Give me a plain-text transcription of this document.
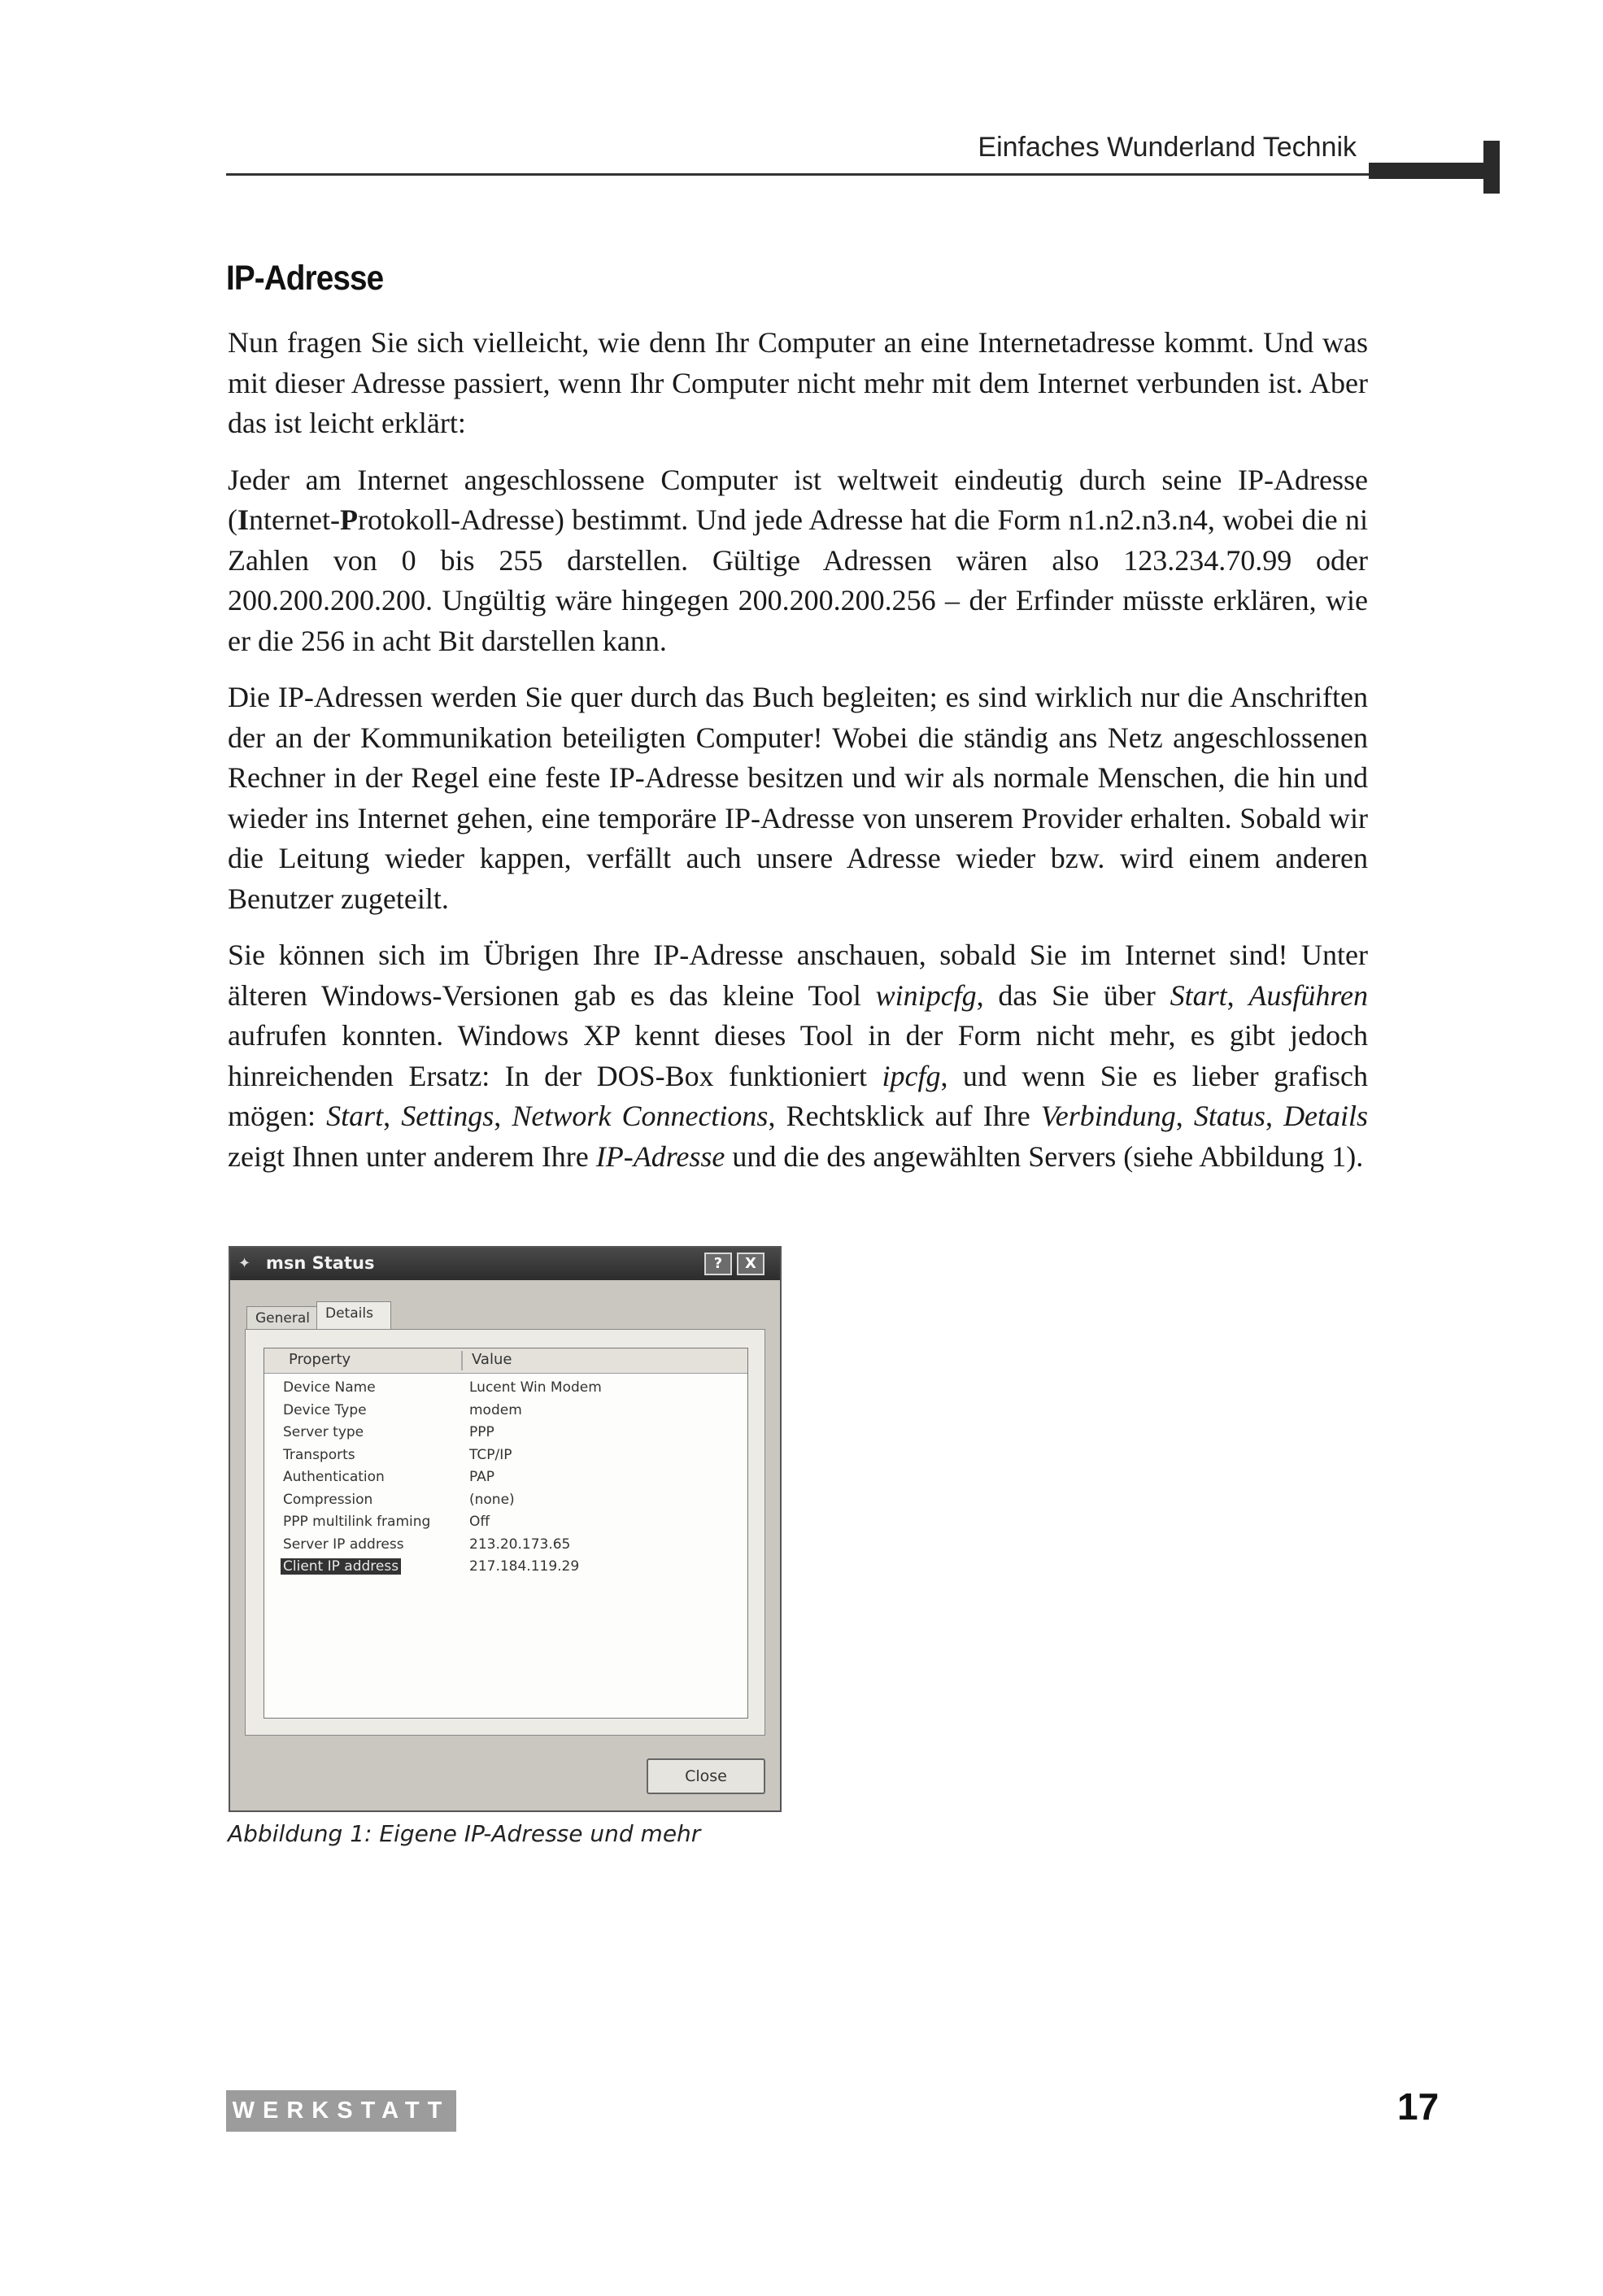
Einfaches Wunderland Technik
IP-Adresse

Nun fragen Sie sich vielleicht, wie denn Ihr Computer an eine Internetadresse kommt. Und was mit dieser Adresse passiert, wenn Ihr Computer nicht mehr mit dem Internet verbunden ist. Aber das ist leicht erklärt:

Jeder am Internet angeschlossene Computer ist weltweit eindeutig durch seine IP-Adresse (Internet-Protokoll-Adresse) bestimmt. Und jede Adresse hat die Form n1.n2.n3.n4, wobei die ni Zahlen von 0 bis 255 darstellen. Gültige Adressen wären also 123.234.70.99 oder 200.200.200.200. Ungültig wäre hingegen 200.200.200.256 – der Erfinder müsste erklären, wie er die 256 in acht Bit darstellen kann.

Die IP-Adressen werden Sie quer durch das Buch begleiten; es sind wirklich nur die Anschriften der an der Kommunikation beteiligten Computer! Wobei die ständig ans Netz angeschlossenen Rechner in der Regel eine feste IP-Adresse besitzen und wir als normale Menschen, die hin und wieder ins Internet gehen, eine temporäre IP-Adresse von unserem Provider erhalten. Sobald wir die Leitung wieder kappen, verfällt auch unsere Adresse wieder bzw. wird einem anderen Benutzer zugeteilt.

Sie können sich im Übrigen Ihre IP-Adresse anschauen, sobald Sie im Internet sind! Unter älteren Windows-Versionen gab es das kleine Tool winipcfg, das Sie über Start, Ausführen aufrufen konnten. Windows XP kennt dieses Tool in der Form nicht mehr, es gibt jedoch hinreichenden Ersatz: In der DOS-Box funktioniert ipcfg, und wenn Sie es lieber grafisch mögen: Start, Settings, Network Connections, Rechtsklick auf Ihre Verbindung, Status, Details zeigt Ihnen unter anderem Ihre IP-Adresse und die des angewählten Servers (siehe Abbildung 1).

✦ msn Status	?	X
General	Details
Property	Value
Device Name	Lucent Win Modem
Device Type	modem
Server type	PPP
Transports	TCP/IP
Authentication	PAP
Compression	(none)
PPP multilink framing	Off
Server IP address	213.20.173.65
Client IP address	217.184.119.29
Close
Abbildung 1: Eigene IP-Adresse und mehr
WERKSTATT	17
